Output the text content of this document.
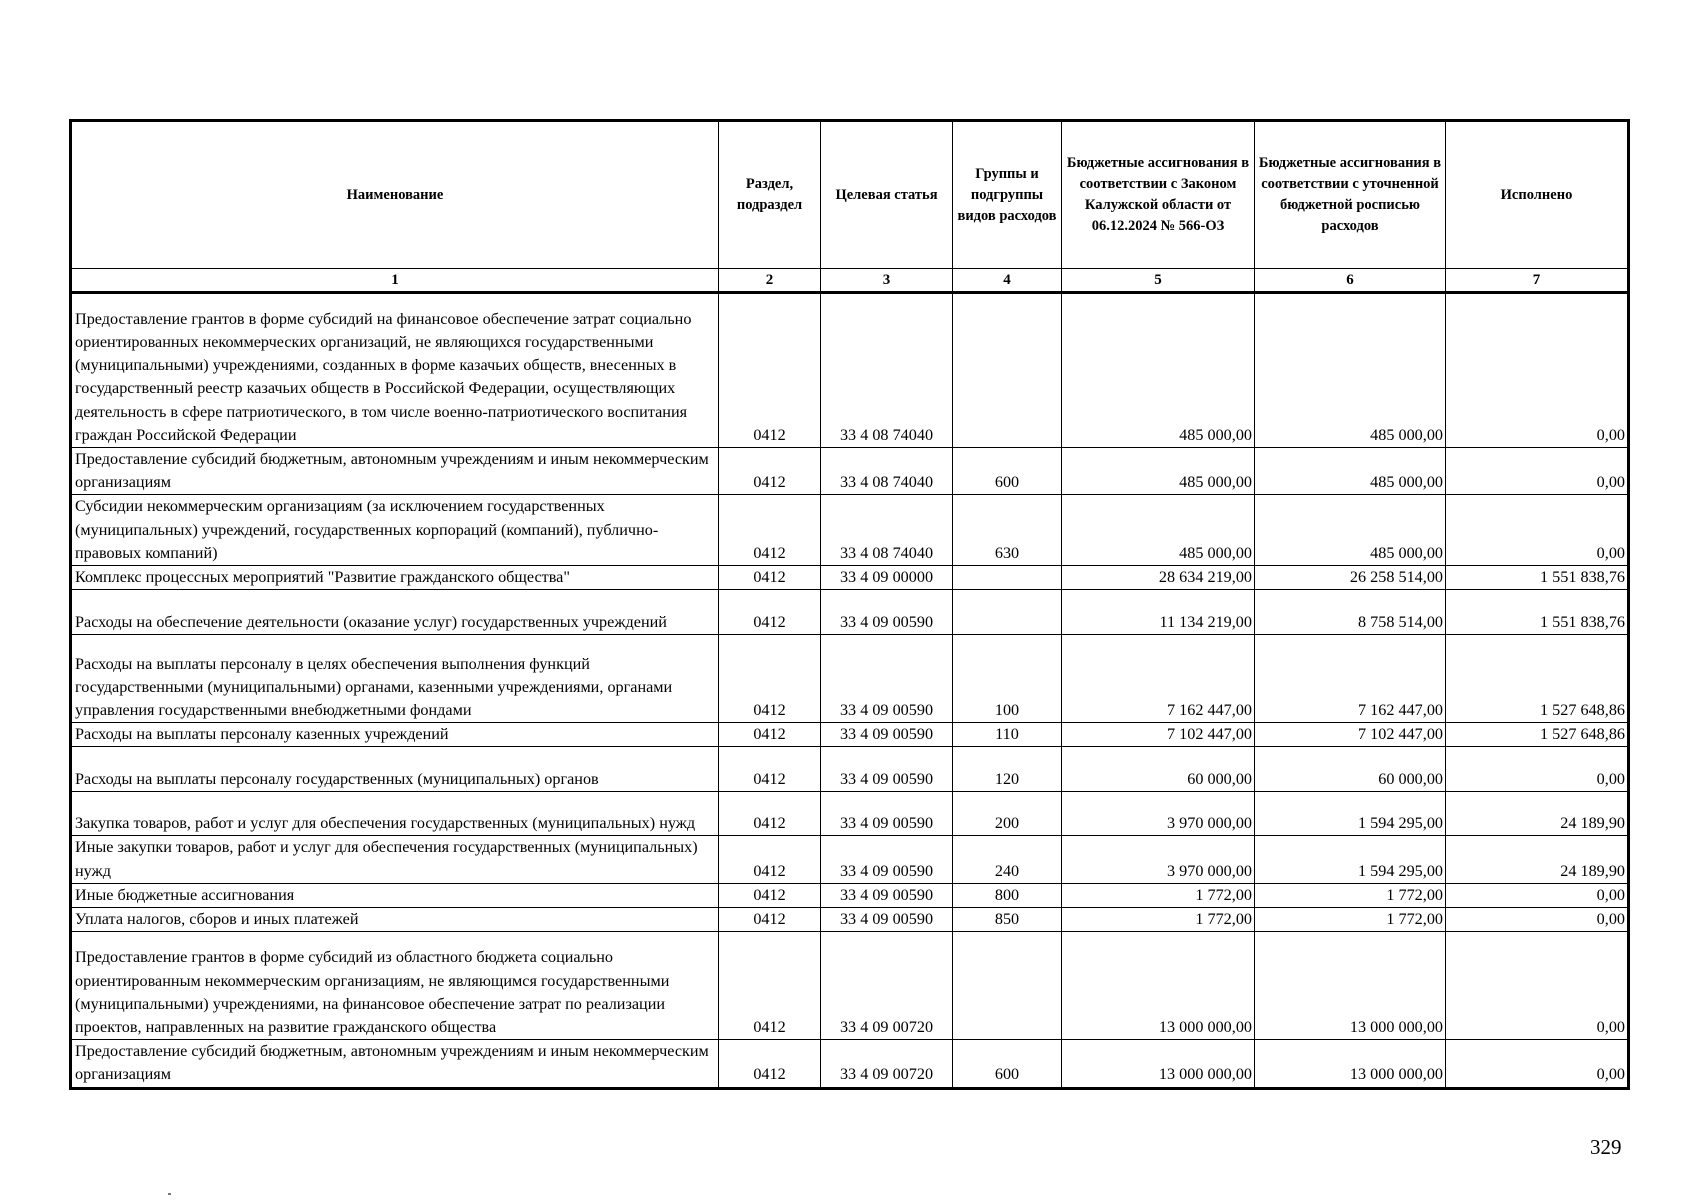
Наименование	Раздел, подраздел	Целевая статья	Группы и подгруппы видов расходов	Бюджетные ассигнования в соответствии с Законом Калужской области от 06.12.2024 № 566-ОЗ	Бюджетные ассигнования в соответствии с уточненной бюджетной росписью расходов	Исполнено
1	2	3	4	5	6	7
Предоставление грантов в форме субсидий на финансовое обеспечение затрат социально ориентированных некоммерческих организаций, не являющихся государственными (муниципальными) учреждениями, созданных в форме казачьих обществ, внесенных в государственный реестр казачьих обществ в Российской Федерации, осуществляющих деятельность в сфере патриотического, в том числе военно-патриотического воспитания граждан Российской Федерации	0412	33 4 08 74040		485 000,00	485 000,00	0,00
Предоставление субсидий бюджетным, автономным учреждениям и иным некоммерческим организациям	0412	33 4 08 74040	600	485 000,00	485 000,00	0,00
Субсидии некоммерческим организациям (за исключением государственных (муниципальных) учреждений, государственных корпораций (компаний), публично-правовых компаний)	0412	33 4 08 74040	630	485 000,00	485 000,00	0,00
Комплекс процессных мероприятий "Развитие гражданского общества"	0412	33 4 09 00000		28 634 219,00	26 258 514,00	1 551 838,76
Расходы на обеспечение деятельности (оказание услуг) государственных учреждений	0412	33 4 09 00590		11 134 219,00	8 758 514,00	1 551 838,76
Расходы на выплаты персоналу в целях обеспечения выполнения функций государственными (муниципальными) органами, казенными учреждениями, органами управления государственными внебюджетными фондами	0412	33 4 09 00590	100	7 162 447,00	7 162 447,00	1 527 648,86
Расходы на выплаты персоналу казенных учреждений	0412	33 4 09 00590	110	7 102 447,00	7 102 447,00	1 527 648,86
Расходы на выплаты персоналу государственных (муниципальных) органов	0412	33 4 09 00590	120	60 000,00	60 000,00	0,00
Закупка товаров, работ и услуг для обеспечения государственных (муниципальных) нужд	0412	33 4 09 00590	200	3 970 000,00	1 594 295,00	24 189,90
Иные закупки товаров, работ и услуг для обеспечения государственных (муниципальных) нужд	0412	33 4 09 00590	240	3 970 000,00	1 594 295,00	24 189,90
Иные бюджетные ассигнования	0412	33 4 09 00590	800	1 772,00	1 772,00	0,00
Уплата налогов, сборов и иных платежей	0412	33 4 09 00590	850	1 772,00	1 772,00	0,00
Предоставление грантов в форме субсидий из областного бюджета социально ориентированным некоммерческим организациям, не являющимся государственными (муниципальными) учреждениями, на финансовое обеспечение затрат по реализации проектов, направленных на развитие гражданского общества	0412	33 4 09 00720		13 000 000,00	13 000 000,00	0,00
Предоставление субсидий бюджетным, автономным учреждениям и иным некоммерческим организациям	0412	33 4 09 00720	600	13 000 000,00	13 000 000,00	0,00
329
